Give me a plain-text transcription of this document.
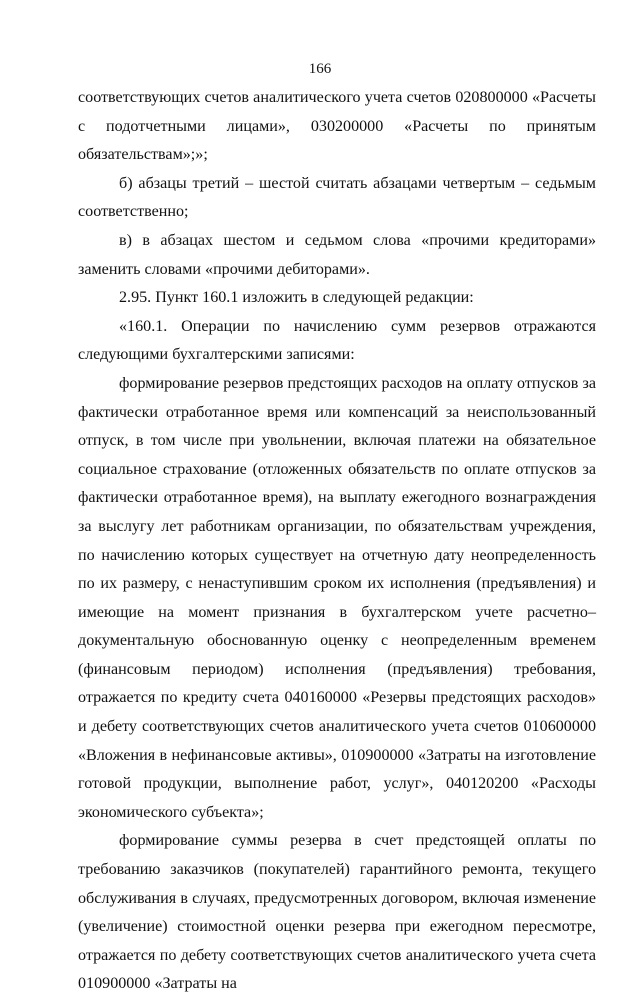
166

соответствующих счетов аналитического учета счетов 020800000 «Расчеты с подотчетными лицами», 030200000 «Расчеты по принятым обязательствам»;»;

б) абзацы третий – шестой считать абзацами четвертым – седьмым соответственно;

в) в абзацах шестом и седьмом слова «прочими кредиторами» заменить словами «прочими дебиторами».

2.95. Пункт 160.1 изложить в следующей редакции:

«160.1. Операции по начислению сумм резервов отражаются следующими бухгалтерскими записями:

формирование резервов предстоящих расходов на оплату отпусков за фактически отработанное время или компенсаций за неиспользованный отпуск, в том числе при увольнении, включая платежи на обязательное социальное страхование (отложенных обязательств по оплате отпусков за фактически отработанное время), на выплату ежегодного вознаграждения за выслугу лет работникам организации, по обязательствам учреждения, по начислению которых существует на отчетную дату неопределенность по их размеру, с ненаступившим сроком их исполнения (предъявления) и имеющие на момент признания в бухгалтерском учете расчетно–документальную обоснованную оценку с неопределенным временем (финансовым периодом) исполнения (предъявления) требования, отражается по кредиту счета 040160000 «Резервы предстоящих расходов» и дебету соответствующих счетов аналитического учета счетов 010600000 «Вложения в нефинансовые активы», 010900000 «Затраты на изготовление готовой продукции, выполнение работ, услуг», 040120200 «Расходы экономического субъекта»;

формирование суммы резерва в счет предстоящей оплаты по требованию заказчиков (покупателей) гарантийного ремонта, текущего обслуживания в случаях, предусмотренных договором, включая изменение (увеличение) стоимостной оценки резерва при ежегодном пересмотре, отражается по дебету соответствующих счетов аналитического учета счета 010900000 «Затраты на
